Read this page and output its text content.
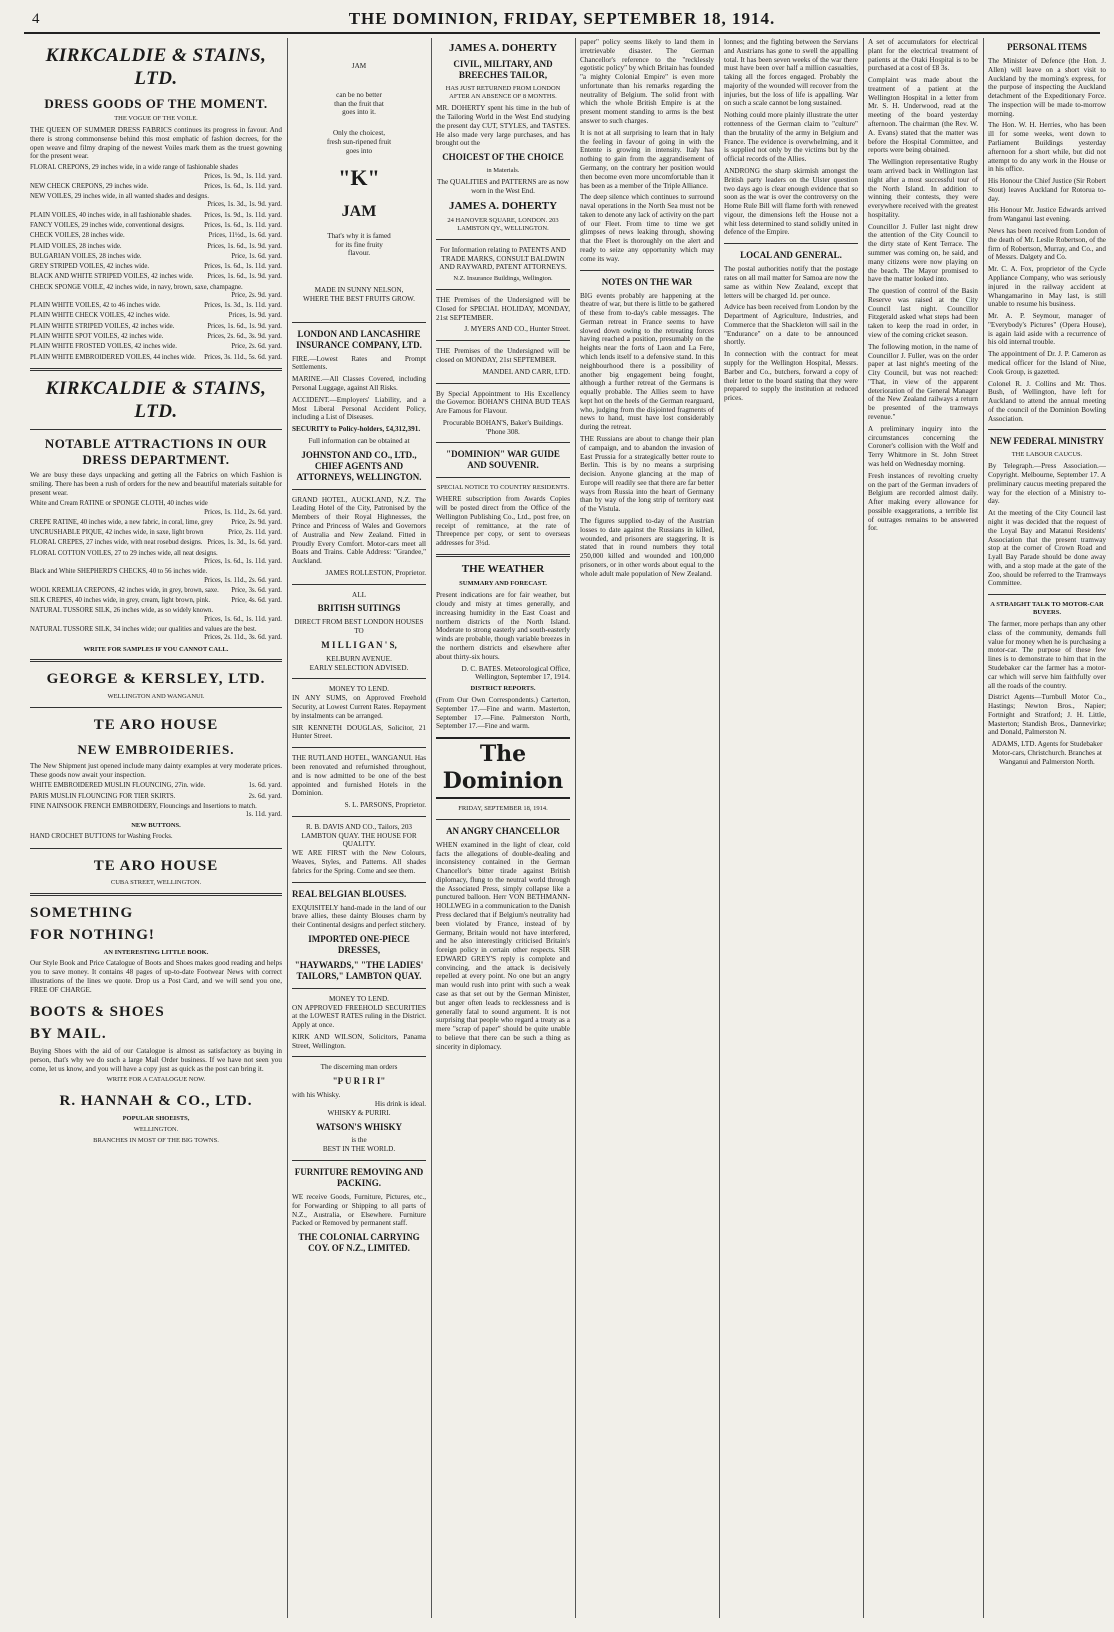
4	THE DOMINION, FRIDAY, SEPTEMBER 18, 1914.
KIRKCALDIE & STAINS, LTD.
DRESS GOODS OF THE MOMENT.
THE VOGUE OF THE VOILE.

THE QUEEN OF SUMMER DRESS FABRICS continues its progress in favour. And there is strong commonsense behind this most emphatic of fashion decrees, for the open weave and filmy draping of the newest Voiles mark them as the truest gowning for the present wear.

FLORAL CREPONS, 29 inches wide, in a wide range of fashionable shades
Prices, 1s. 9d., 1s. 11d. yard.
NEW CHECK CREPONS, 29 inches wide.	Prices, 1s. 6d., 1s. 11d. yard.
NEW VOILES, 29 inches wide, in all wanted shades and designs.
Prices, 1s. 3d., 1s. 9d. yard.
PLAIN VOILES, 40 inches wide, in all fashionable shades. Prices, 1s. 9d., 1s. 11d. yard.
FANCY VOILES, 29 inches wide, conventional designs.	Prices, 1s. 6d., 1s. 11d. yard.
CHECK VOILES, 28 inches wide.	Prices, 11½d., 1s. 6d. yard.
PLAID VOILES, 28 inches wide.	Prices, 1s. 6d., 1s. 9d. yard.
BULGARIAN VOILES, 28 inches wide.	Price, 1s. 6d. yard.
GREY STRIPED VOILES, 42 inches wide.	Prices, 1s. 6d., 1s. 11d. yard.
BLACK AND WHITE STRIPED VOILES, 42 inches wide. Prices, 1s. 6d., 1s. 9d. yard.
CHECK SPONGE VOILE, 42 inches wide, in navy, brown, saxe, champagne.
Price, 2s. 9d. yard.
PLAIN WHITE VOILES, 42 to 46 inches wide.	Prices, 1s. 3d., 1s. 11d. yard.
PLAIN WHITE CHECK VOILES, 42 inches wide.	Prices, 1s. 9d. yard.
PLAIN WHITE STRIPED VOILES, 42 inches wide.	Prices, 1s. 6d., 1s. 9d. yard.
PLAIN WHITE SPOT VOILES, 42 inches wide.	Prices, 2s. 6d., 3s. 9d. yard.
PLAIN WHITE FROSTED VOILES, 42 inches wide.	Price, 2s. 6d. yard.
PLAIN WHITE EMBROIDERED VOILES, 44 inches wide. Prices, 3s. 11d., 5s. 6d. yard.
KIRKCALDIE & STAINS, LTD.
NOTABLE ATTRACTIONS IN OUR DRESS DEPARTMENT.

We are busy these days unpacking and getting all the Fabrics on which Fashion is smiling. There has been a rush of orders for the new and beautiful materials suitable for present wear.

White and Cream RATINE or SPONGE CLOTH, 40 inches wide
Prices, 1s. 11d., 2s. 6d. yard.
CREPE RATINE, 40 inches wide, a new fabric, in coral, lime, grey	Price, 2s. 9d. yard.
UNCRUSHABLE PIQUE, 42 inches wide, in saxe, light brown	Price, 2s. 11d. yard.
FLORAL CREPES, 27 inches wide, with neat rosebud designs. Prices, 1s. 3d., 1s. 6d. yard.
FLORAL COTTON VOILES, 27 to 29 inches wide, all neat designs.
Prices, 1s. 6d., 1s. 11d. yard.
Black and White SHEPHERD'S CHECKS, 40 to 56 inches wide.
Prices, 1s. 11d., 2s. 6d. yard.
WOOL KREMLIA CREPONS, 42 inches wide, in grey, brown, saxe. Price, 3s. 6d. yard.
SILK CREPES, 40 inches wide, in grey, cream, light brown, pink.	Price, 4s. 6d. yard.
NATURAL TUSSORE SILK, 26 inches wide, as so widely known.
Prices, 1s. 6d., 1s. 11d. yard.
NATURAL TUSSORE SILK, 34 inches wide; our qualities and values are the best.
Prices, 2s. 11d., 3s. 6d. yard.
WRITE FOR SAMPLES IF YOU CANNOT CALL.
GEORGE & KERSLEY, LTD.
WELLINGTON AND WANGANUI.
TE ARO HOUSE
NEW EMBROIDERIES.

The New Shipment just opened include many dainty examples at very moderate prices. These goods now await your inspection.

WHITE EMBROIDERED MUSLIN FLOUNCING, 27in. wide.	1s. 6d. yard.
PARIS MUSLIN FLOUNCING FOR TIER SKIRTS.	2s. 6d. yard.
FINE NAINSOOK FRENCH EMBROIDERY, Flouncings and Insertions to match.
1s. 11d. yard.
NEW BUTTONS.
HAND CROCHET BUTTONS for Washing Frocks.
TE ARO HOUSE
CUBA STREET, WELLINGTON.
SOMETHING
FOR NOTHING!
AN INTERESTING LITTLE BOOK.

Our Style Book and Price Catalogue of Boots and Shoes makes good reading and helps you to save money. It contains 48 pages of up-to-date Footwear News with correct illustrations of the lines we quote. Drop us a Post Card, and we will send you one, FREE OF CHARGE.

BOOTS & SHOES
BY MAIL.

Buying Shoes with the aid of our Catalogue is almost as satisfactory as buying in person, that's why we do such a large Mail Order business. If we have not seen you come, let us know, and you will have a copy just as quick as the post can bring it.

WRITE FOR A CATALOGUE NOW.
R. HANNAH & CO., LTD.
POPULAR SHOEISTS,
WELLINGTON.
BRANCHES IN MOST OF THE BIG TOWNS.
JAM
can be no better
than the fruit that
goes into it.
Only the choicest,
fresh sun-ripened fruit
goes into
"K"
JAM
That's why it is famed
for its fine fruity
flavour.
MADE IN SUNNY NELSON,
WHERE THE BEST FRUITS GROW.
LONDON AND LANCASHIRE INSURANCE COMPANY, LTD.

FIRE.—Lowest Rates and Prompt Settlements.

MARINE.—All Classes Covered, including Personal Luggage, against All Risks.

ACCIDENT.—Employers' Liability, and a Most Liberal Personal Accident Policy, including a List of Diseases.

SECURITY to Policy-holders, £4,312,391.

Full information can be obtained at

JOHNSTON AND CO., LTD., CHIEF AGENTS AND ATTORNEYS, WELLINGTON.

GRAND HOTEL, AUCKLAND, N.Z. The Leading Hotel of the City, Patronised by the Members of their Royal Highnesses, the Prince and Princess of Wales and Governors of Australia and New Zealand. Fitted in Proudly Every Comfort. Motor-cars meet all Boats and Trains. Cable Address: "Grandee," Auckland.

JAMES ROLLESTON, Proprietor.

ALL
BRITISH SUITINGS
DIRECT FROM BEST LONDON HOUSES TO
M I L L I G A N ' S,
KELBURN AVENUE.
EARLY SELECTION ADVISED.
MONEY TO LEND.

IN ANY SUMS, on Approved Freehold Security, at Lowest Current Rates. Repayment by instalments can be arranged.

SIR KENNETH DOUGLAS, Solicitor, 21 Hunter Street.

THE RUTLAND HOTEL, WANGANUI. Has been renovated and refurnished throughout, and is now admitted to be one of the best appointed and furnished Hotels in the Dominion.

S. L. PARSONS, Proprietor.

R. B. DAVIS AND CO., Tailors, 203 LAMBTON QUAY. THE HOUSE FOR QUALITY.

WE ARE FIRST with the New Colours, Weaves, Styles, and Patterns. All shades fabrics for the Spring. Come and see them.

REAL BELGIAN BLOUSES.

EXQUISITELY hand-made in the land of our brave allies, these dainty Blouses charm by their Continental designs and perfect stitchery.

IMPORTED ONE-PIECE DRESSES,
"HAYWARDS," "THE LADIES' TAILORS," LAMBTON QUAY.
MONEY TO LEND.

ON APPROVED FREEHOLD SECURITIES at the LOWEST RATES ruling in the District. Apply at once.

KIRK AND WILSON, Solicitors, Panama Street, Wellington.

The discerning man orders
"P U R I R I"
with his Whisky.
His drink is ideal.
WHISKY & PURIRI.
WATSON'S WHISKY
is the
BEST IN THE WORLD.
FURNITURE REMOVING AND PACKING.

WE receive Goods, Furniture, Pictures, etc., for Forwarding or Shipping to all parts of N.Z., Australia, or Elsewhere. Furniture Packed or Removed by permanent staff.

THE COLONIAL CARRYING COY. OF N.Z., LIMITED.
JAMES A. DOHERTY
CIVIL, MILITARY, AND BREECHES TAILOR,
HAS JUST RETURNED FROM LONDON AFTER AN ABSENCE OF 8 MONTHS.

MR. DOHERTY spent his time in the hub of the Tailoring World in the West End studying the present day CUT, STYLES, and TASTES. He also made very large purchases, and has brought out the

CHOICEST OF THE CHOICE
in Materials.

The QUALITIES and PATTERNS are as now worn in the West End.

JAMES A. DOHERTY
24 HANOVER SQUARE, LONDON. 203 LAMBTON QY., WELLINGTON.

For Information relating to PATENTS AND TRADE MARKS, CONSULT BALDWIN AND RAYWARD, PATENT ATTORNEYS.

N.Z. Insurance Buildings, Wellington.

THE Premises of the Undersigned will be Closed for SPECIAL HOLIDAY, MONDAY, 21st SEPTEMBER.

J. MYERS AND CO., Hunter Street.

THE Premises of the Undersigned will be closed on MONDAY, 21st SEPTEMBER.

MANDEL AND CARR, LTD.

By Special Appointment to His Excellency the Governor. BOHAN'S CHINA BUD TEAS Are Famous for Flavour.

Procurable BOHAN'S, Baker's Buildings. 'Phone 308.

"DOMINION" WAR GUIDE AND SOUVENIR.
SPECIAL NOTICE TO COUNTRY RESIDENTS.

WHERE subscription from Awards Copies will be posted direct from the Office of the Wellington Publishing Co., Ltd., post free, on receipt of remittance, at the rate of Threepence per copy, or sent to overseas addresses for 3½d.

THE WEATHER
SUMMARY AND FORECAST.

Present indications are for fair weather, but cloudy and misty at times generally, and increasing humidity in the East Coast and northern districts of the North Island. Moderate to strong easterly and south-easterly winds are probable, though variable breezes in the northern districts and elsewhere after about thirty-six hours.

D. C. BATES. Meteorological Office, Wellington, September 17, 1914.

DISTRICT REPORTS.

(From Our Own Correspondents.) Carterton, September 17.—Fine and warm. Masterton, September 17.—Fine. Palmerston North, September 17.—Fine and warm.

The Dominion
FRIDAY, SEPTEMBER 18, 1914.
AN ANGRY CHANCELLOR

WHEN examined in the light of clear, cold facts the allegations of double-dealing and inconsistency contained in the German Chancellor's bitter tirade against British diplomacy, flung to the neutral world through the Associated Press, simply collapse like a punctured balloon. Herr VON BETHMANN-HOLLWEG in a communication to the Danish Press declared that if Belgium's neutrality had been violated by France, instead of by Germany, Britain would not have interfered, and he also interestingly criticised Britain's foreign policy in certain other respects. SIR EDWARD GREY'S reply is complete and convincing, and the attack is decisively repelled at every point. No one but an angry man would rush into print with such a weak case as that set out by the German Minister, but anger often leads to recklessness and is generally fatal to sound argument. It is not surprising that people who regard a treaty as a mere "scrap of paper" should be quite unable to believe that there can be such a thing as sincerity in diplomacy.

paper" policy seems likely to land them in irretrievable disaster. The German Chancellor's reference to the "recklessly egotistic policy" by which Britain has founded "a mighty Colonial Empire" is even more unfortunate than his remarks regarding the neutrality of Belgium. The solid front with which the whole British Empire is at the present moment standing to arms is the best answer to such charges.

It is not at all surprising to learn that in Italy the feeling in favour of going in with the Entente is growing in intensity. Italy has nothing to gain from the aggrandisement of Germany, on the contrary her position would then become even more uncomfortable than it has been as a member of the Triple Alliance.

The deep silence which continues to surround naval operations in the North Sea must not be taken to denote any lack of activity on the part of our Fleet. From time to time we get glimpses of news leaking through, showing that the Fleet is thoroughly on the alert and ready to seize any opportunity which may come its way.

NOTES ON THE WAR

BIG events probably are happening at the theatre of war, but there is little to be gathered of these from to-day's cable messages. The German retreat in France seems to have slowed down owing to the retreating forces having reached a position, presumably on the heights near the forts of Laon and La Fere, which lends itself to a defensive stand. In this neighbourhood there is a possibility of another big engagement being fought, although a further retreat of the Germans is equally probable. The Allies seem to have kept hot on the heels of the German rearguard, who, judging from the disjointed fragments of news to hand, must have lost considerably during the retreat.

THE Russians are about to change their plan of campaign, and to abandon the invasion of East Prussia for a strategically better route to Berlin. This is by no means a surprising decision. Anyone glancing at the map of Europe will readily see that there are far better ways from Russia into the heart of Germany than by way of the long strip of territory east of the Vistula.

The figures supplied to-day of the Austrian losses to date against the Russians in killed, wounded, and prisoners are staggering. It is stated that in round numbers they total 250,000 killed and wounded and 100,000 prisoners, or in other words about equal to the whole adult male population of New Zealand.

lonnes; and the fighting between the Servians and Austrians has gone to swell the appalling total. It has been seven weeks of the war there must have been over half a million casualties, taking all the forces engaged. Probably the majority of the wounded will recover from the injuries, but the loss of life is appalling. War on such a scale cannot be long sustained.

Nothing could more plainly illustrate the utter rottenness of the German claim to "culture" than the brutality of the army in Belgium and France. The evidence is overwhelming, and it is supplied not only by the victims but by the official records of the Allies.

ANDRONG the sharp skirmish amongst the British party leaders on the Ulster question two days ago is clear enough evidence that so soon as the war is over the controversy on the Home Rule Bill will flame forth with renewed vigour, the dimensions left the House not a whit less determined to stand solidly united in defence of the Empire.

LOCAL AND GENERAL.

The postal authorities notify that the postage rates on all mail matter for Samoa are now the same as within New Zealand, except that letters will be charged 1d. per ounce.

Advice has been received from London by the Department of Agriculture, Industries, and Commerce that the Shackleton will sail in the "Endurance" on a date to be announced shortly.

In connection with the contract for meat supply for the Wellington Hospital, Messrs. Barber and Co., butchers, forward a copy of their letter to the board stating that they were prepared to supply the institution at reduced prices.

A set of accumulators for electrical plant for the electrical treatment of patients at the Otaki Hospital is to be purchased at a cost of £8 3s.

Complaint was made about the treatment of a patient at the Wellington Hospital in a letter from Mr. S. H. Underwood, read at the meeting of the board yesterday afternoon. The chairman (the Rev. W. A. Evans) stated that the matter was before the Hospital Committee, and reports were being obtained.

The Wellington representative Rugby team arrived back in Wellington last night after a most successful tour of the North Island. In addition to winning their contests, they were everywhere received with the greatest hospitality.

Councillor J. Fuller last night drew the attention of the City Council to the dirty state of Kent Terrace. The summer was coming on, he said, and many citizens were now playing on the beach. The Mayor promised to have the matter looked into.

The question of control of the Basin Reserve was raised at the City Council last night. Councillor Fitzgerald asked what steps had been taken to keep the road in order, in view of the coming cricket season.

The following motion, in the name of Councillor J. Fuller, was on the order paper at last night's meeting of the City Council, but was not reached: "That, in view of the apparent deterioration of the General Manager of the New Zealand railways a return be presented of the tramways revenue."

A preliminary inquiry into the circumstances concerning the Coroner's collision with the Wolf and Terry Whitmore in St. John Street was held on Wednesday morning.

Fresh instances of revolting cruelty on the part of the German invaders of Belgium are recorded almost daily. After making every allowance for possible exaggerations, a terrible list of outrages remains to be answered for.

PERSONAL ITEMS

The Minister of Defence (the Hon. J. Allen) will leave on a short visit to Auckland by the morning's express, for the purpose of inspecting the Auckland detachment of the Expeditionary Force. The inspection will be made to-morrow morning.

The Hon. W. H. Herries, who has been ill for some weeks, went down to Parliament Buildings yesterday afternoon for a short while, but did not attempt to do any work in the House or in his office.

His Honour the Chief Justice (Sir Robert Stout) leaves Auckland for Rotorua to-day.

His Honour Mr. Justice Edwards arrived from Wanganui last evening.

News has been received from London of the death of Mr. Leslie Robertson, of the firm of Robertson, Murray, and Co., and of Messrs. Dalgety and Co.

Mr. C. A. Fox, proprietor of the Cycle Appliance Company, who was seriously injured in the railway accident at Whangamarino in May last, is still unable to resume his business.

Mr. A. P. Seymour, manager of "Everybody's Pictures" (Opera House), is again laid aside with a recurrence of his old internal trouble.

The appointment of Dr. J. P. Cameron as medical officer for the Island of Niue, Cook Group, is gazetted.

Colonel R. J. Collins and Mr. Thos. Bush, of Wellington, have left for Auckland to attend the annual meeting of the council of the Dominion Bowling Association.

NEW FEDERAL MINISTRY
THE LABOUR CAUCUS.

By Telegraph.—Press Association.—Copyright. Melbourne, September 17. A preliminary caucus meeting prepared the way for the election of a Ministry to-day.

At the meeting of the City Council last night it was decided that the request of the Loyal Bay and Matanui Residents' Association that the present tramway stop at the corner of Crown Road and Lyall Bay Parade should be done away with, and a stop made at the gate of the Zoo, should be referred to the Tramways Committee.

A STRAIGHT TALK TO MOTOR-CAR BUYERS.

The farmer, more perhaps than any other class of the community, demands full value for money when he is purchasing a motor-car. The purpose of these few lines is to demonstrate to him that in the Studebaker car the farmer has a motor-car which will serve him faithfully over all the roads of the country.

District Agents—Turnbull Motor Co., Hastings; Newton Bros., Napier; Fortnight and Stratford; J. H. Little, Masterton; Standish Bros., Dannevirke; and Donald, Palmerston N.

ADAMS, LTD. Agents for Studebaker Motor-cars, Christchurch. Branches at Wanganui and Palmerston North.
